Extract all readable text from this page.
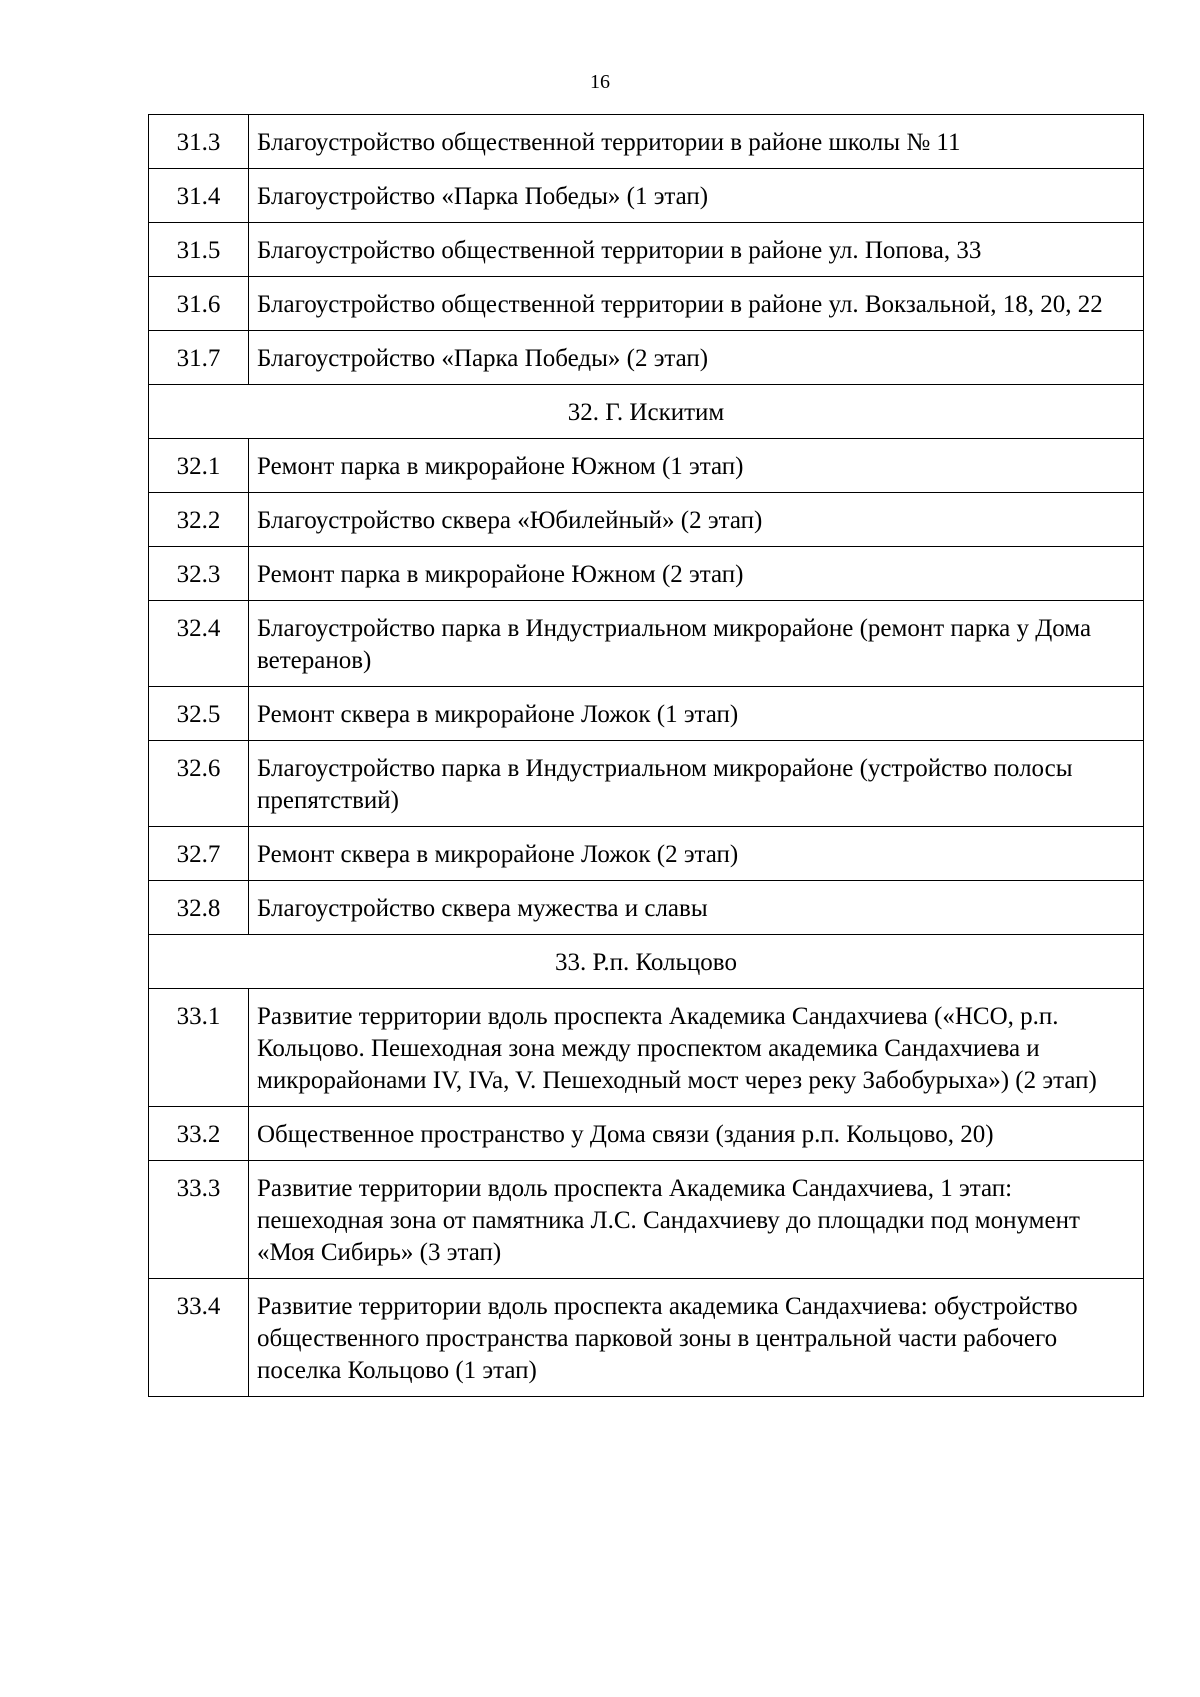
16
31.3	Благоустройство общественной территории в районе школы № 11
31.4	Благоустройство «Парка Победы» (1 этап)
31.5	Благоустройство общественной территории в районе ул. Попова, 33
31.6	Благоустройство общественной территории в районе ул. Вокзальной, 18, 20, 22
31.7	Благоустройство «Парка Победы» (2 этап)
32. Г. Искитим	
32.1	Ремонт парка в микрорайоне Южном (1 этап)
32.2	Благоустройство сквера «Юбилейный» (2 этап)
32.3	Ремонт парка в микрорайоне Южном (2 этап)
32.4	Благоустройство парка в Индустриальном микрорайоне (ремонт парка у Дома ветеранов)
32.5	Ремонт сквера в микрорайоне Ложок (1 этап)
32.6	Благоустройство парка в Индустриальном микрорайоне (устройство полосы препятствий)
32.7	Ремонт сквера в микрорайоне Ложок (2 этап)
32.8	Благоустройство сквера мужества и славы
33. Р.п. Кольцово	
33.1	Развитие территории вдоль проспекта Академика Сандахчиева («НСО, р.п. Кольцово. Пешеходная зона между проспектом академика Сандахчиева и микрорайонами IV, IVa, V. Пешеходный мост через реку Забобурыха») (2 этап)
33.2	Общественное пространство у Дома связи (здания р.п. Кольцово, 20)
33.3	Развитие территории вдоль проспекта Академика Сандахчиева, 1 этап: пешеходная зона от памятника Л.С. Сандахчиеву до площадки под монумент «Моя Сибирь» (3 этап)
33.4	Развитие территории вдоль проспекта академика Сандахчиева: обустройство общественного пространства парковой зоны в центральной части рабочего поселка Кольцово (1 этап)
